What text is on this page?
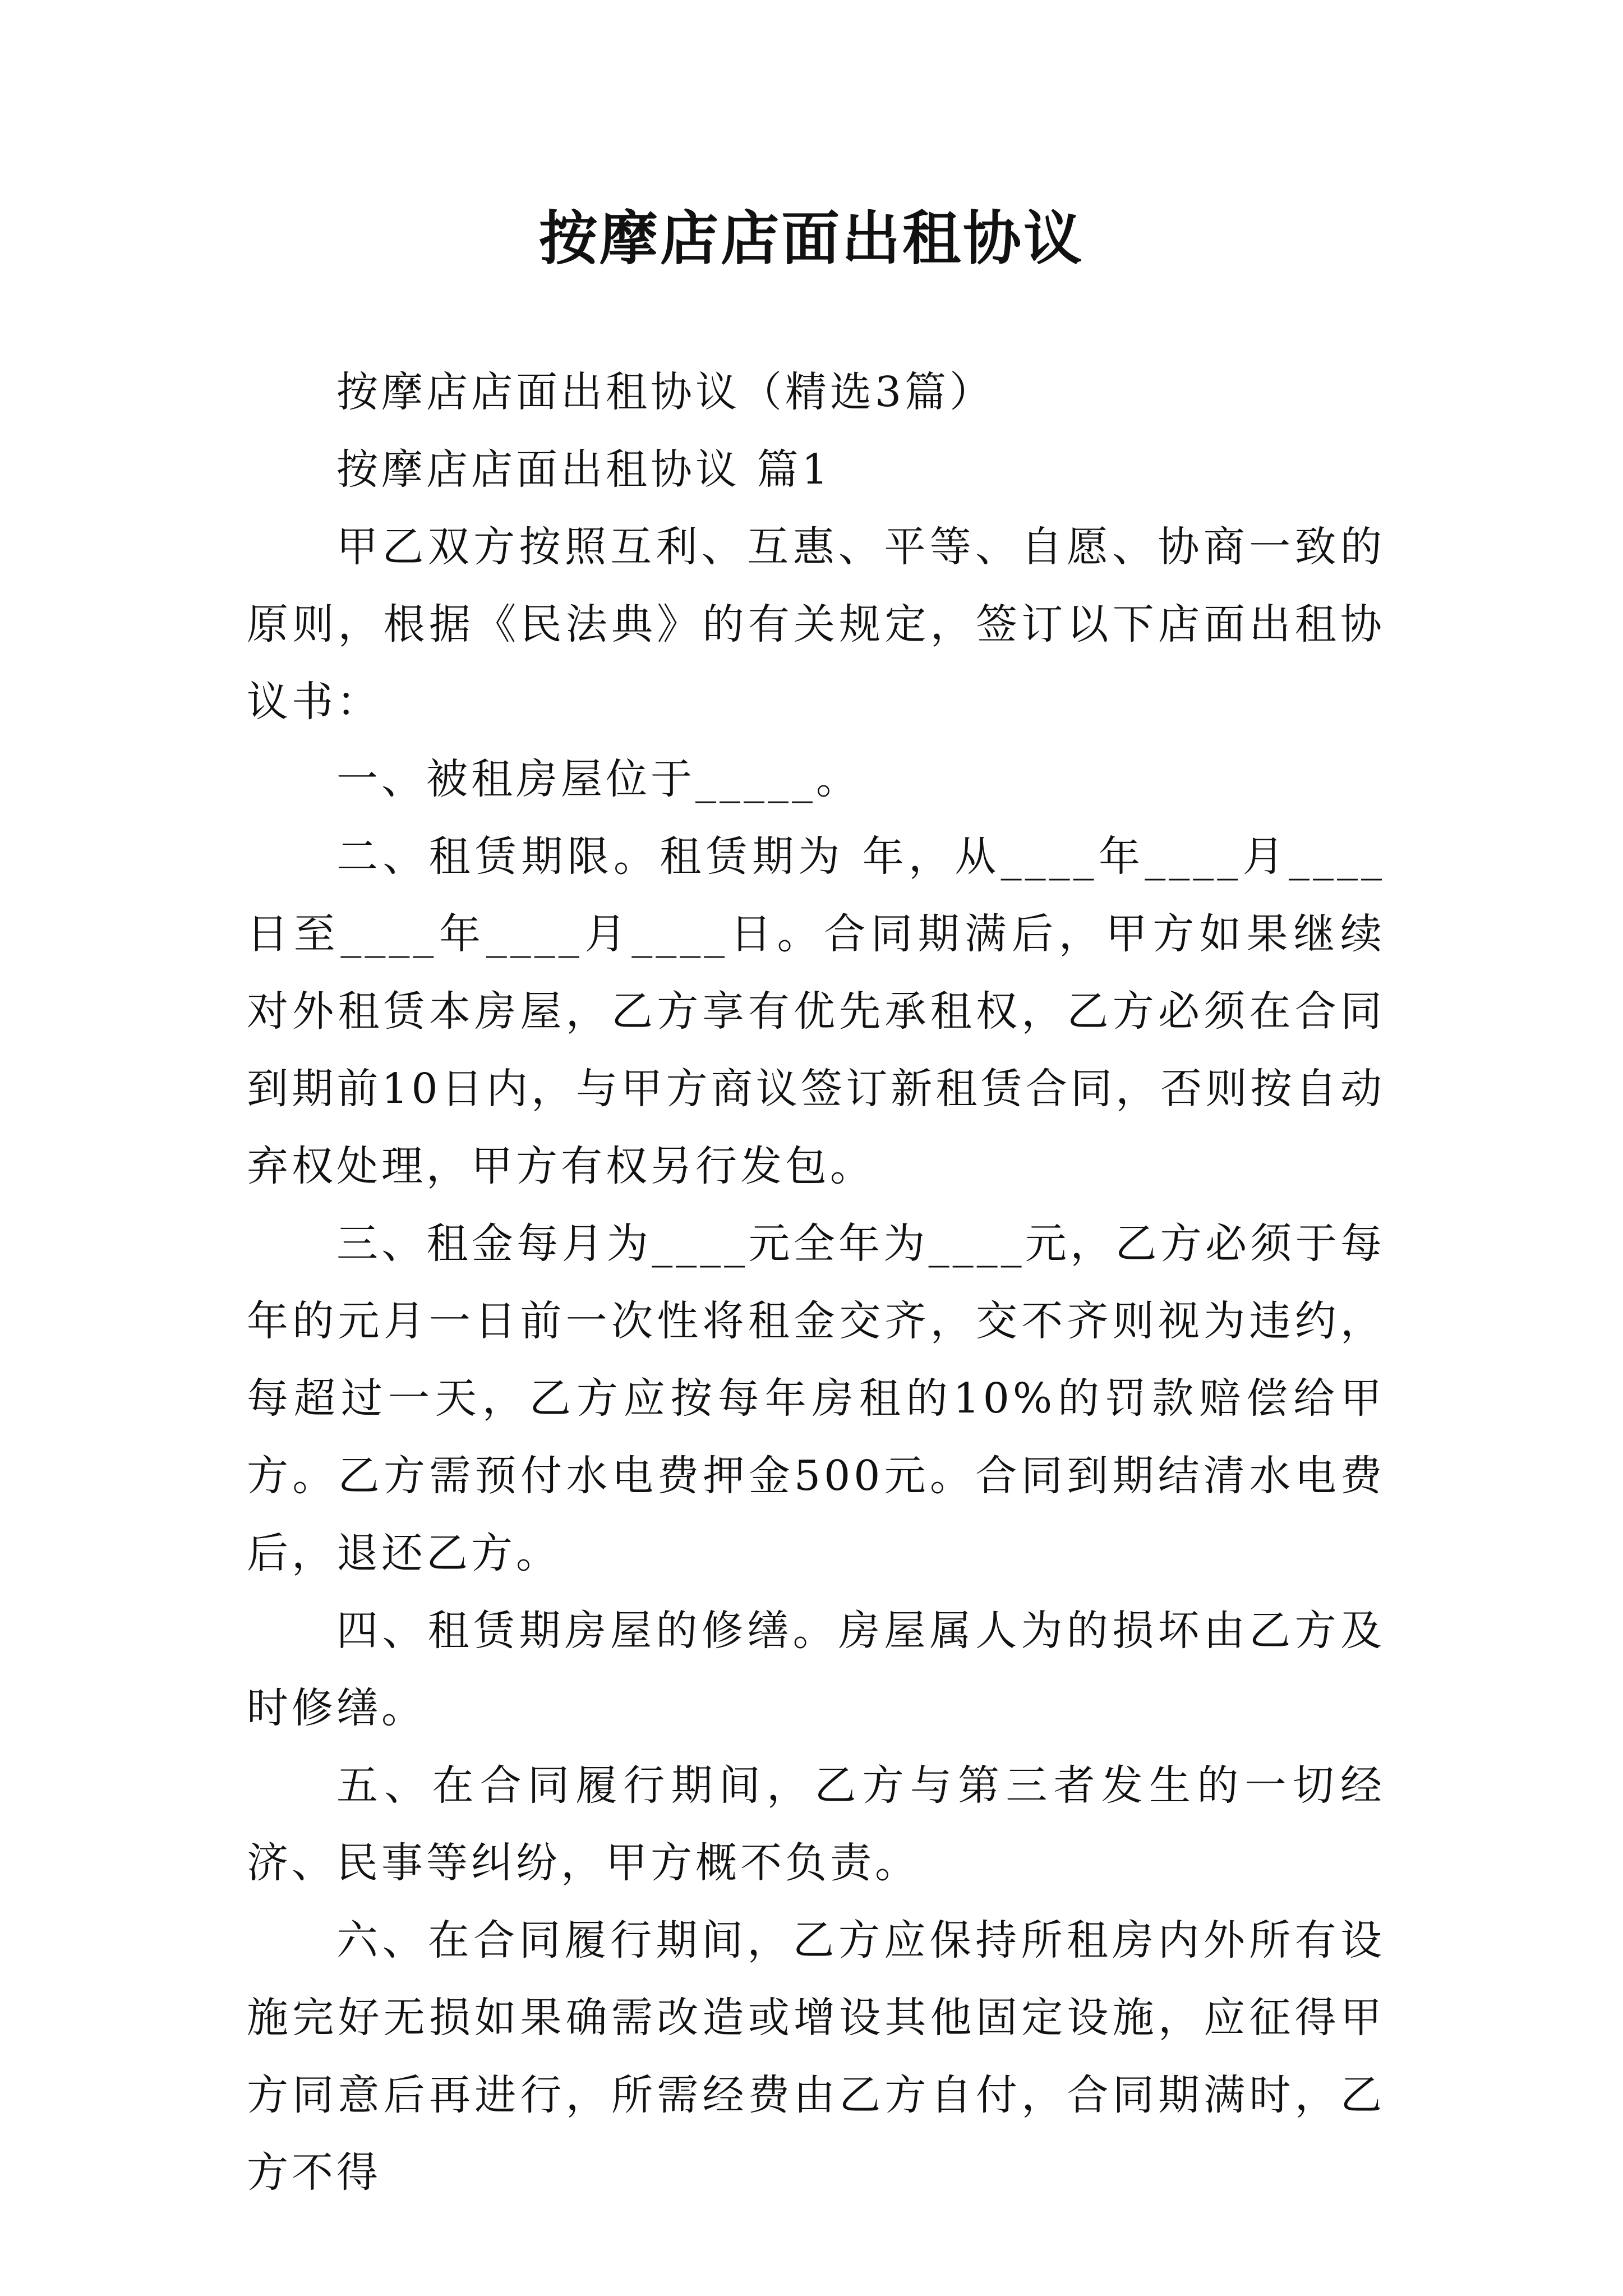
按摩店店面出租协议

按摩店店面出租协议（精选3篇）

按摩店店面出租协议 篇1

甲乙双方按照互利、互惠、平等、自愿、协商一致的原则，根据《民法典》的有关规定，签订以下店面出租协议书：

一、被租房屋位于_____。

二、租赁期限。租赁期为 年，从____年____月____日至____年____月____日。合同期满后，甲方如果继续对外租赁本房屋，乙方享有优先承租权，乙方必须在合同到期前10日内，与甲方商议签订新租赁合同，否则按自动弃权处理，甲方有权另行发包。

三、租金每月为____元全年为____元，乙方必须于每年的元月一日前一次性将租金交齐，交不齐则视为违约，每超过一天，乙方应按每年房租的10%的罚款赔偿给甲方。乙方需预付水电费押金500元。合同到期结清水电费后，退还乙方。

四、租赁期房屋的修缮。房屋属人为的损坏由乙方及时修缮。

五、在合同履行期间，乙方与第三者发生的一切经济、民事等纠纷，甲方概不负责。

六、在合同履行期间，乙方应保持所租房内外所有设施完好无损如果确需改造或增设其他固定设施，应征得甲方同意后再进行，所需经费由乙方自付，合同期满时，乙方不得
